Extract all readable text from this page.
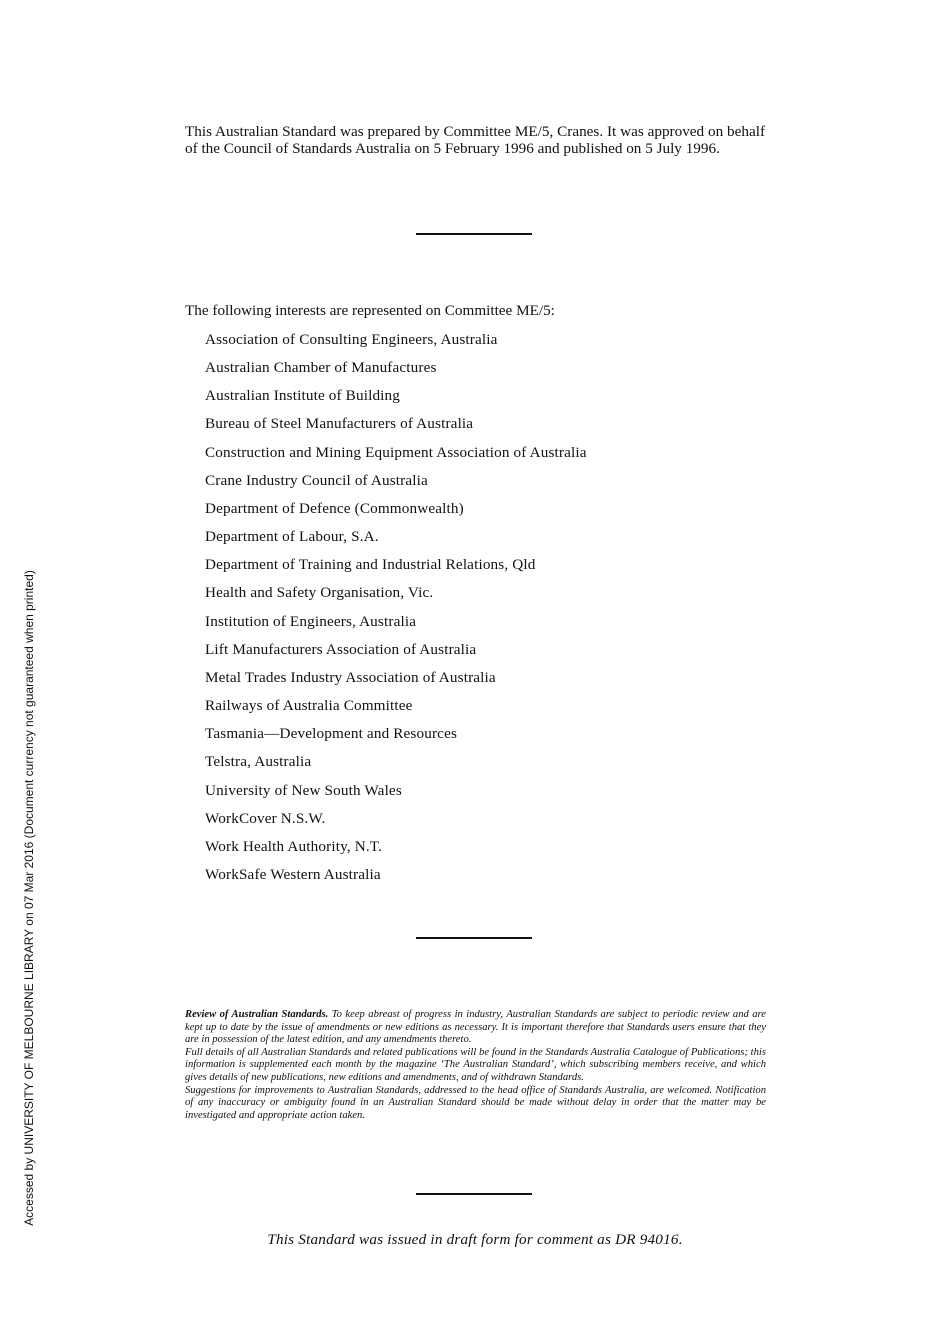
Accessed by UNIVERSITY OF MELBOURNE LIBRARY on 07 Mar 2016 (Document currency not guaranteed when printed)

This Australian Standard was prepared by Committee ME/5, Cranes. It was approved on behalf of the Council of Standards Australia on 5 February 1996 and published on 5 July 1996.

The following interests are represented on Committee ME/5:

Association of Consulting Engineers, Australia
Australian Chamber of Manufactures
Australian Institute of Building
Bureau of Steel Manufacturers of Australia
Construction and Mining Equipment Association of Australia
Crane Industry Council of Australia
Department of Defence (Commonwealth)
Department of Labour, S.A.
Department of Training and Industrial Relations, Qld
Health and Safety Organisation, Vic.
Institution of Engineers, Australia
Lift Manufacturers Association of Australia
Metal Trades Industry Association of Australia
Railways of Australia Committee
Tasmania—Development and Resources
Telstra, Australia
University of New South Wales
WorkCover N.S.W.
Work Health Authority, N.T.
WorkSafe Western Australia

Review of Australian Standards. To keep abreast of progress in industry, Australian Standards are subject to periodic review and are kept up to date by the issue of amendments or new editions as necessary. It is important therefore that Standards users ensure that they are in possession of the latest edition, and any amendments thereto.

Full details of all Australian Standards and related publications will be found in the Standards Australia Catalogue of Publications; this information is supplemented each month by the magazine ‘The Australian Standard’, which subscribing members receive, and which gives details of new publications, new editions and amendments, and of withdrawn Standards.

Suggestions for improvements to Australian Standards, addressed to the head office of Standards Australia, are welcomed. Notification of any inaccuracy or ambiguity found in an Australian Standard should be made without delay in order that the matter may be investigated and appropriate action taken.

This Standard was issued in draft form for comment as DR 94016.
